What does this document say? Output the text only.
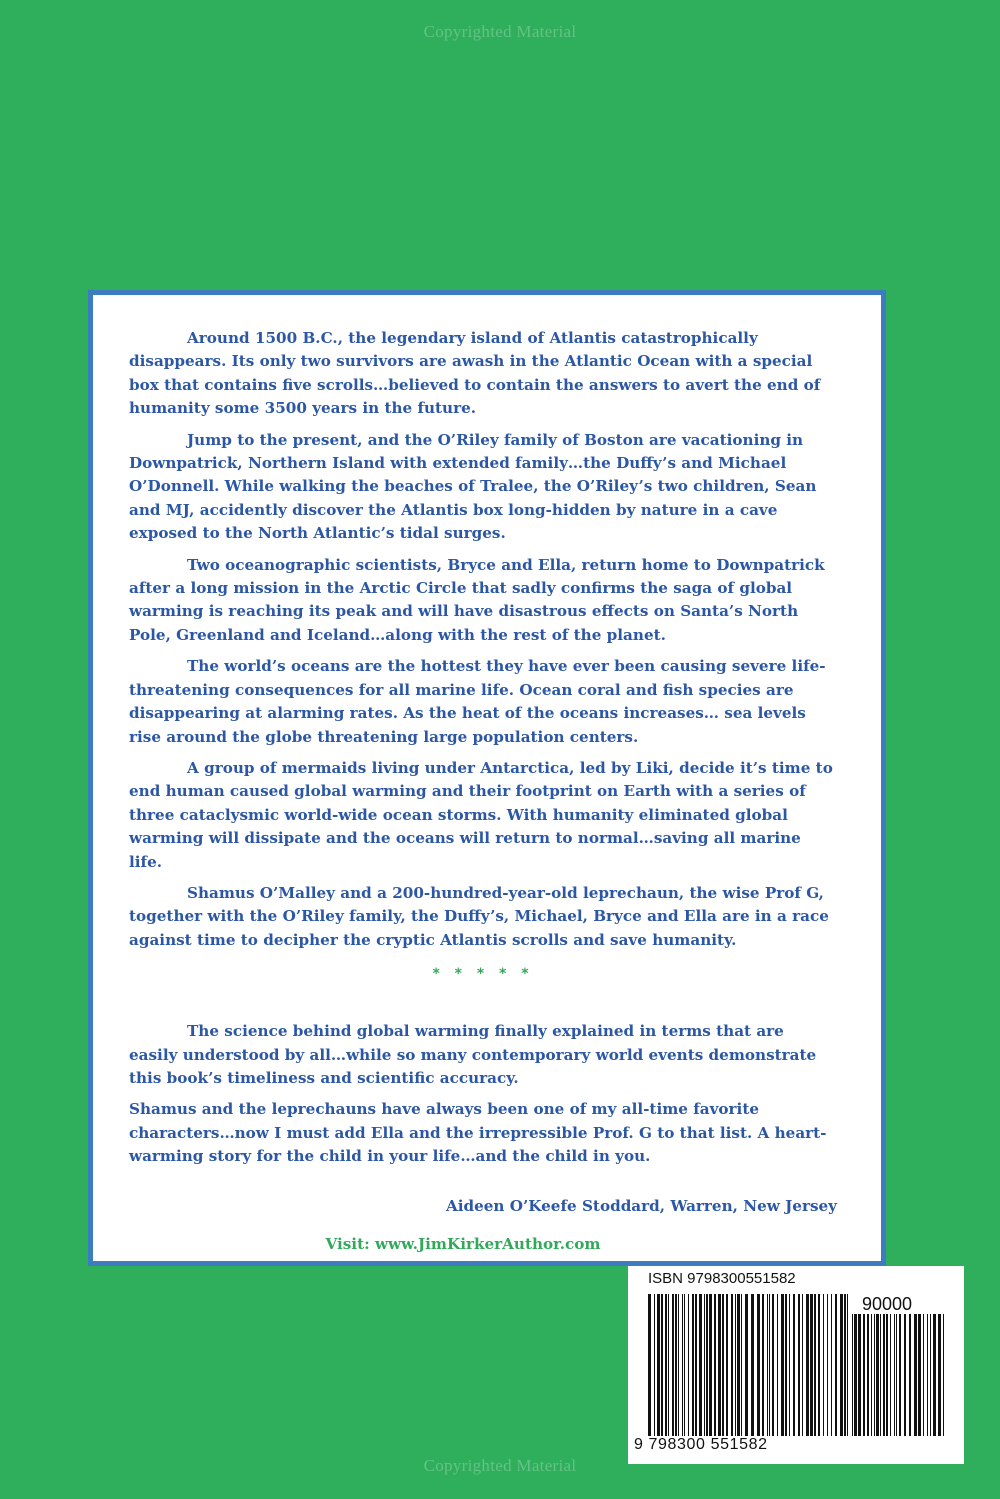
Copyrighted Material

Around 1500 B.C., the legendary island of Atlantis catastrophically disappears. Its only two survivors are awash in the Atlantic Ocean with a special box that contains five scrolls…believed to contain the answers to avert the end of humanity some 3500 years in the future.

Jump to the present, and the O’Riley family of Boston are vacationing in Downpatrick, Northern Island with extended family…the Duffy’s and Michael O’Donnell. While walking the beaches of Tralee, the O’Riley’s two children, Sean and MJ, accidently discover the Atlantis box long-hidden by nature in a cave exposed to the North Atlantic’s tidal surges.

Two oceanographic scientists, Bryce and Ella, return home to Downpatrick after a long mission in the Arctic Circle that sadly confirms the saga of global warming is reaching its peak and will have disastrous effects on Santa’s North Pole, Greenland and Iceland…along with the rest of the planet.

The world’s oceans are the hottest they have ever been causing severe life-threatening consequences for all marine life. Ocean coral and fish species are disappearing at alarming rates. As the heat of the oceans increases… sea levels rise around the globe threatening large population centers.

A group of mermaids living under Antarctica, led by Liki, decide it’s time to end human caused global warming and their footprint on Earth with a series of three cataclysmic world-wide ocean storms. With humanity eliminated global warming will dissipate and the oceans will return to normal…saving all marine life.

Shamus O’Malley and a 200-hundred-year-old leprechaun, the wise Prof G, together with the O’Riley family, the Duffy’s, Michael, Bryce and Ella are in a race against time to decipher the cryptic Atlantis scrolls and save humanity.

* * * * *

The science behind global warming finally explained in terms that are easily understood by all…while so many contemporary world events demonstrate this book’s timeliness and scientific accuracy.

Shamus and the leprechauns have always been one of my all-time favorite characters…now I must add Ella and the irrepressible Prof. G to that list. A heart-warming story for the child in your life…and the child in you.

Aideen O’Keefe Stoddard, Warren, New Jersey
Visit: www.JimKirkerAuthor.com
ISBN 9798300551582
90000
9 798300 551582
Copyrighted Material
